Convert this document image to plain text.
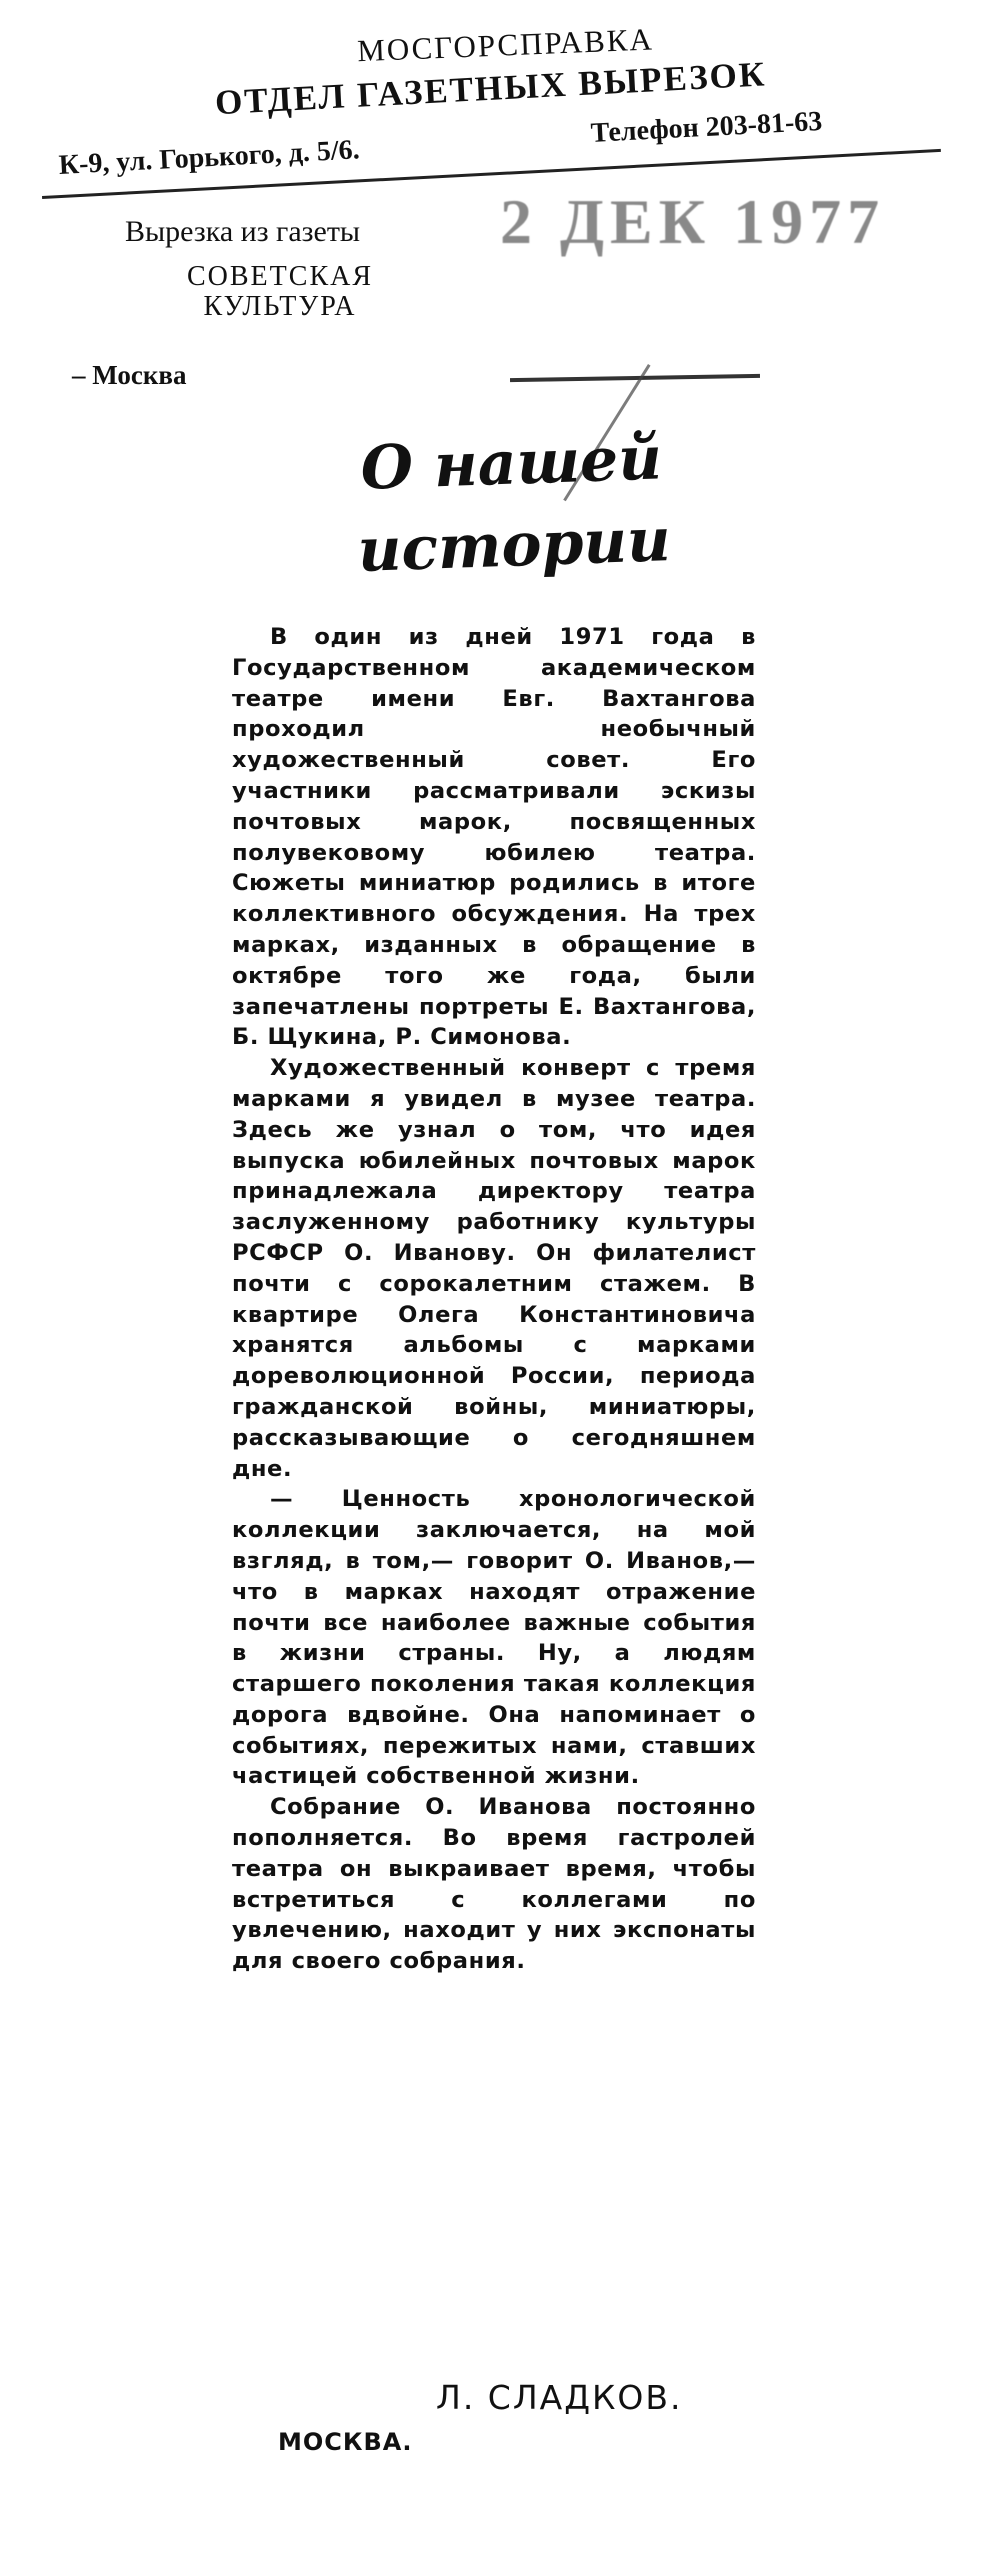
МОСГОРСПРАВКА
ОТДЕЛ ГАЗЕТНЫХ ВЫРЕЗОК
К-9, ул. Горького, д. 5/6.
Телефон 203-81-63
Вырезка из газеты 2 ДЕК 1977
СОВЕТСКАЯ КУЛЬТУРА
– Москва
О нашей истории

В один из дней 1971 года в Государственном академическом театре имени Евг. Вахтангова проходил необычный художественный совет. Его участники рассматривали эскизы почтовых марок, посвященных полувековому юбилею театра. Сюжеты миниатюр родились в итоге коллективного обсуждения. На трех марках, изданных в обращение в октябре того же года, были запечатлены портреты Е. Вахтангова, Б. Щукина, Р. Симонова.

Художественный конверт с тремя марками я увидел в музее театра. Здесь же узнал о том, что идея выпуска юбилейных почтовых марок принадлежала директору театра заслуженному работнику культуры РСФСР О. Иванову. Он филателист почти с сорокалетним стажем. В квартире Олега Константиновича хранятся альбомы с марками дореволюционной России, периода гражданской войны, миниатюры, рассказывающие о сегодняшнем дне.

— Ценность хронологической коллекции заключается, на мой взгляд, в том,— говорит О. Иванов,— что в марках находят отражение почти все наиболее важные события в жизни страны. Ну, а людям старшего поколения такая коллекция дорога вдвойне. Она напоминает о событиях, пережитых нами, ставших частицей собственной жизни.

Собрание О. Иванова постоянно пополняется. Во время гастролей театра он выкраивает время, чтобы встретиться с коллегами по увлечению, находит у них экспонаты для своего собрания.

Л. СЛАДКОВ.
МОСКВА.
